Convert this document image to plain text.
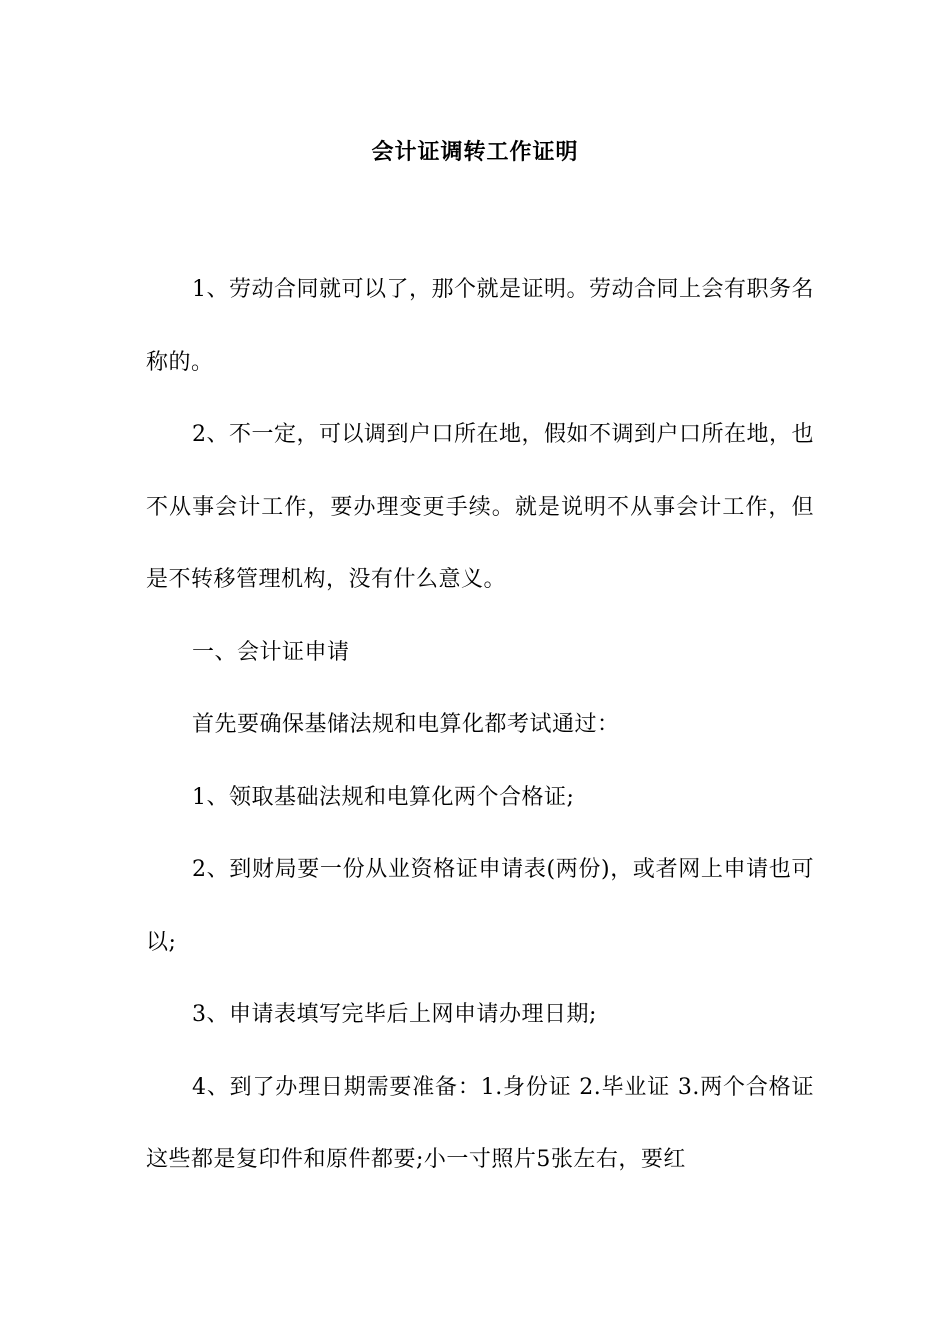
会计证调转工作证明

1、劳动合同就可以了，那个就是证明。劳动合同上会有职务名称的。

2、不一定，可以调到户口所在地，假如不调到户口所在地，也不从事会计工作，要办理变更手续。就是说明不从事会计工作，但是不转移管理机构，没有什么意义。

一、会计证申请

首先要确保基储法规和电算化都考试通过：

1、领取基础法规和电算化两个合格证;

2、到财局要一份从业资格证申请表(两份)，或者网上申请也可以;

3、申请表填写完毕后上网申请办理日期;

4、到了办理日期需要准备：1.身份证 2.毕业证 3.两个合格证 这些都是复印件和原件都要;小一寸照片5张左右，要红
